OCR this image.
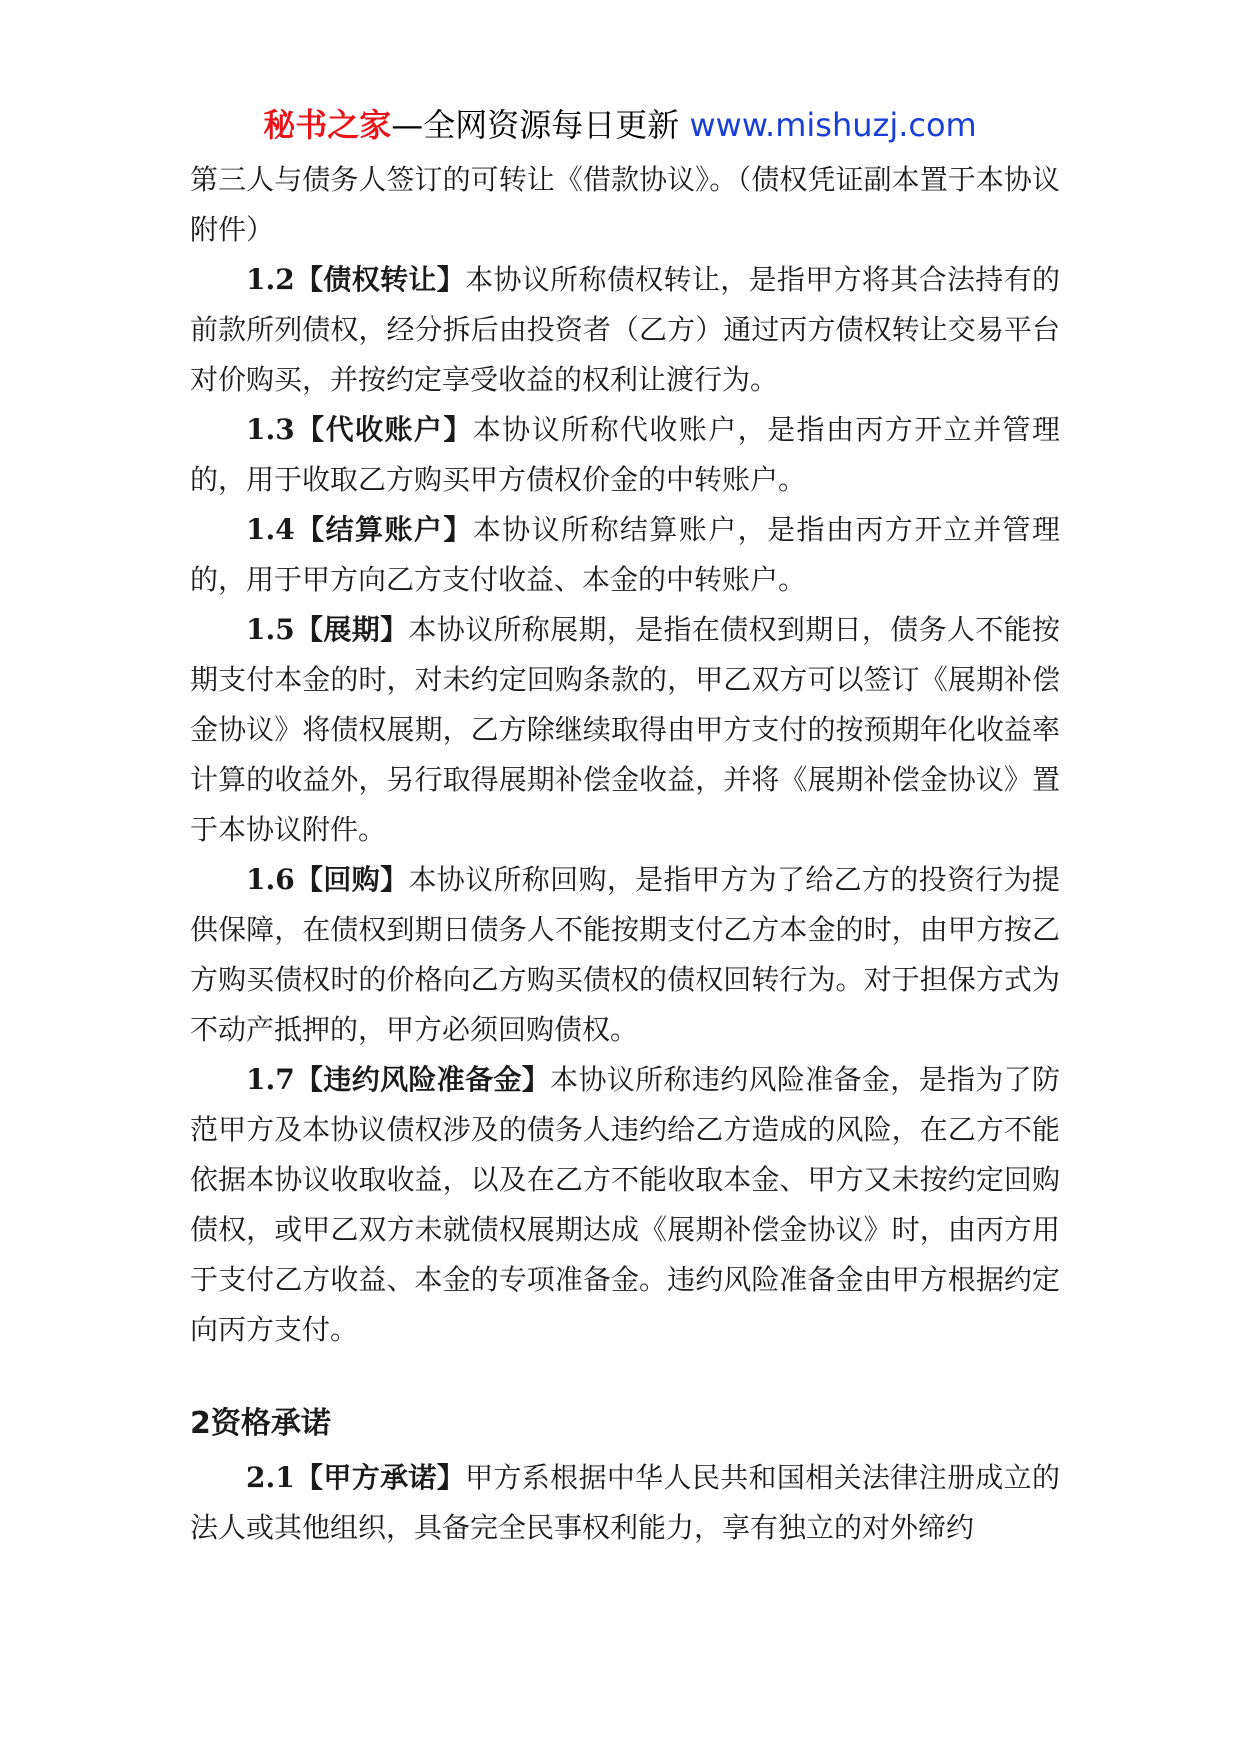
秘书之家—全网资源每日更新 www.mishuzj.com

第三人与债务人签订的可转让《借款协议》。（债权凭证副本置于本协议附件）

1.2【债权转让】本协议所称债权转让，是指甲方将其合法持有的前款所列债权，经分拆后由投资者（乙方）通过丙方债权转让交易平台对价购买，并按约定享受收益的权利让渡行为。

1.3【代收账户】本协议所称代收账户，是指由丙方开立并管理的，用于收取乙方购买甲方债权价金的中转账户。

1.4【结算账户】本协议所称结算账户，是指由丙方开立并管理的，用于甲方向乙方支付收益、本金的中转账户。

1.5【展期】本协议所称展期，是指在债权到期日，债务人不能按期支付本金的时，对未约定回购条款的，甲乙双方可以签订《展期补偿金协议》将债权展期，乙方除继续取得由甲方支付的按预期年化收益率计算的收益外，另行取得展期补偿金收益，并将《展期补偿金协议》置于本协议附件。

1.6【回购】本协议所称回购，是指甲方为了给乙方的投资行为提供保障，在债权到期日债务人不能按期支付乙方本金的时，由甲方按乙方购买债权时的价格向乙方购买债权的债权回转行为。对于担保方式为不动产抵押的，甲方必须回购债权。

1.7【违约风险准备金】本协议所称违约风险准备金，是指为了防范甲方及本协议债权涉及的债务人违约给乙方造成的风险，在乙方不能依据本协议收取收益，以及在乙方不能收取本金、甲方又未按约定回购债权，或甲乙双方未就债权展期达成《展期补偿金协议》时，由丙方用于支付乙方收益、本金的专项准备金。违约风险准备金由甲方根据约定向丙方支付。

2资格承诺

2.1【甲方承诺】甲方系根据中华人民共和国相关法律注册成立的法人或其他组织，具备完全民事权利能力，享有独立的对外缔约
